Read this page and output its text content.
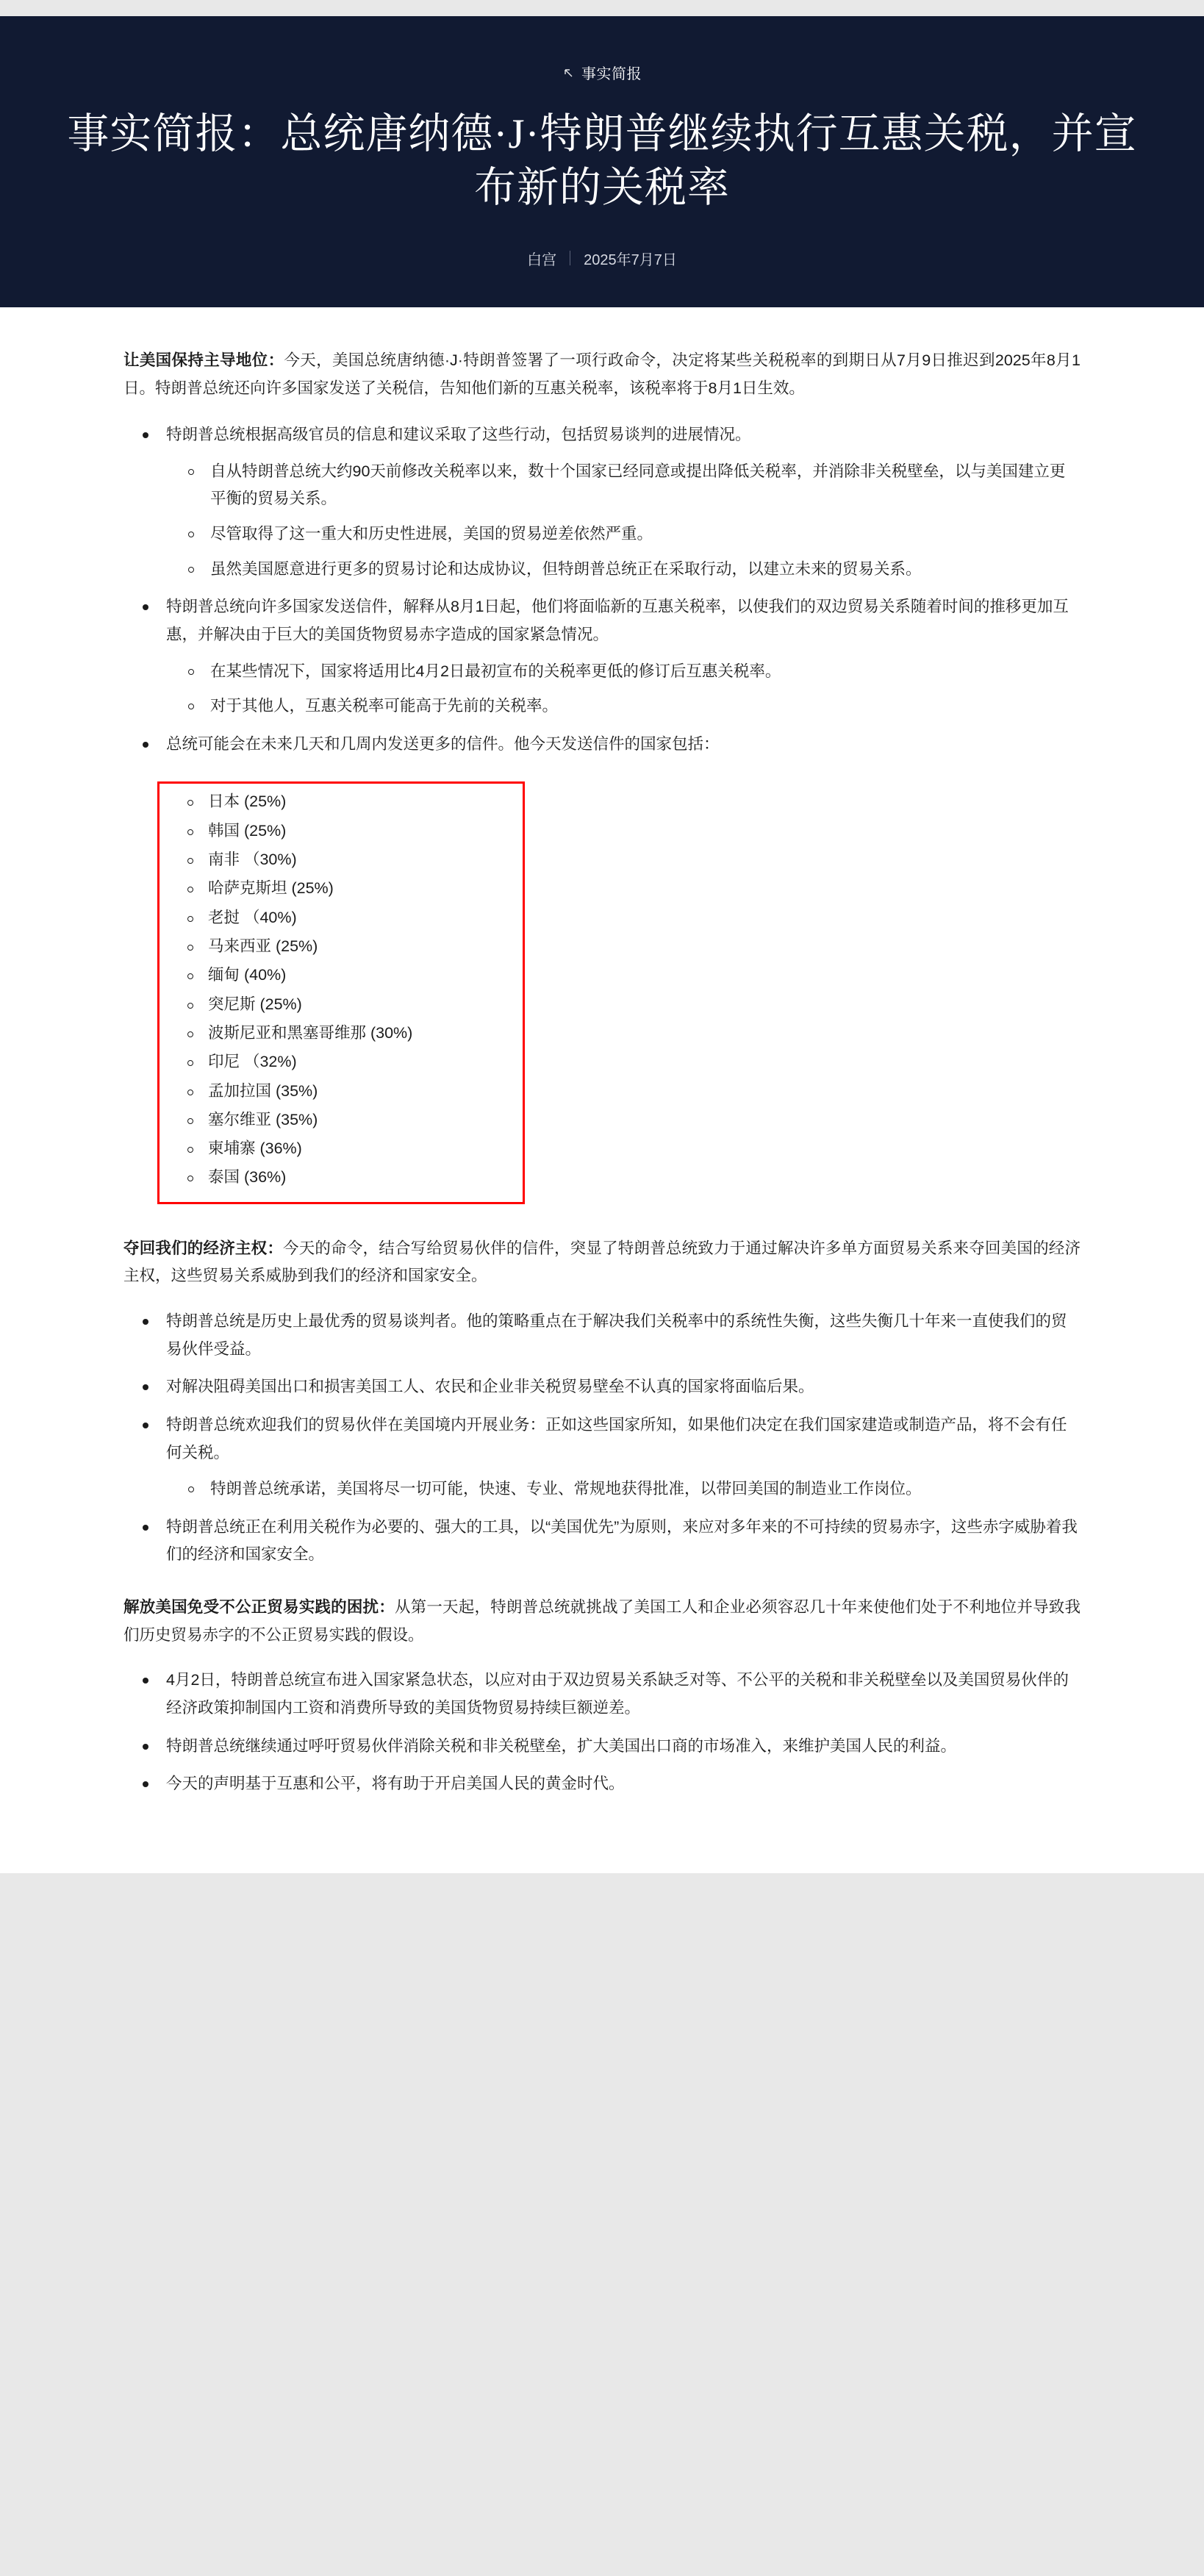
事实简报
事实简报：总统唐纳德·J·特朗普继续执行互惠关税，并宣布新的关税率
白宫 2025年7月7日

让美国保持主导地位：今天，美国总统唐纳德·J·特朗普签署了一项行政命令，决定将某些关税税率的到期日从7月9日推迟到2025年8月1日。特朗普总统还向许多国家发送了关税信，告知他们新的互惠关税率，该税率将于8月1日生效。

特朗普总统根据高级官员的信息和建议采取了这些行动，包括贸易谈判的进展情况。
自从特朗普总统大约90天前修改关税率以来，数十个国家已经同意或提出降低关税率，并消除非关税壁垒，以与美国建立更平衡的贸易关系。
尽管取得了这一重大和历史性进展，美国的贸易逆差依然严重。
虽然美国愿意进行更多的贸易讨论和达成协议，但特朗普总统正在采取行动，以建立未来的贸易关系。
特朗普总统向许多国家发送信件，解释从8月1日起，他们将面临新的互惠关税率，以使我们的双边贸易关系随着时间的推移更加互惠，并解决由于巨大的美国货物贸易赤字造成的国家紧急情况。
在某些情况下，国家将适用比4月2日最初宣布的关税率更低的修订后互惠关税率。
对于其他人，互惠关税率可能高于先前的关税率。
总统可能会在未来几天和几周内发送更多的信件。他今天发送信件的国家包括：
日本 (25%)
韩国 (25%)
南非 （30%)
哈萨克斯坦 (25%)
老挝 （40%)
马来西亚 (25%)
缅甸 (40%)
突尼斯 (25%)
波斯尼亚和黑塞哥维那 (30%)
印尼 （32%)
孟加拉国 (35%)
塞尔维亚 (35%)
柬埔寨 (36%)
泰国 (36%)

夺回我们的经济主权：今天的命令，结合写给贸易伙伴的信件，突显了特朗普总统致力于通过解决许多单方面贸易关系来夺回美国的经济主权，这些贸易关系威胁到我们的经济和国家安全。

特朗普总统是历史上最优秀的贸易谈判者。他的策略重点在于解决我们关税率中的系统性失衡，这些失衡几十年来一直使我们的贸易伙伴受益。
对解决阻碍美国出口和损害美国工人、农民和企业非关税贸易壁垒不认真的国家将面临后果。
特朗普总统欢迎我们的贸易伙伴在美国境内开展业务：正如这些国家所知，如果他们决定在我们国家建造或制造产品，将不会有任何关税。
特朗普总统承诺，美国将尽一切可能，快速、专业、常规地获得批准，以带回美国的制造业工作岗位。
特朗普总统正在利用关税作为必要的、强大的工具，以“美国优先”为原则，来应对多年来的不可持续的贸易赤字，这些赤字威胁着我们的经济和国家安全。

解放美国免受不公正贸易实践的困扰：从第一天起，特朗普总统就挑战了美国工人和企业必须容忍几十年来使他们处于不利地位并导致我们历史贸易赤字的不公正贸易实践的假设。

4月2日，特朗普总统宣布进入国家紧急状态，以应对由于双边贸易关系缺乏对等、不公平的关税和非关税壁垒以及美国贸易伙伴的经济政策抑制国内工资和消费所导致的美国货物贸易持续巨额逆差。
特朗普总统继续通过呼吁贸易伙伴消除关税和非关税壁垒，扩大美国出口商的市场准入，来维护美国人民的利益。
今天的声明基于互惠和公平，将有助于开启美国人民的黄金时代。
